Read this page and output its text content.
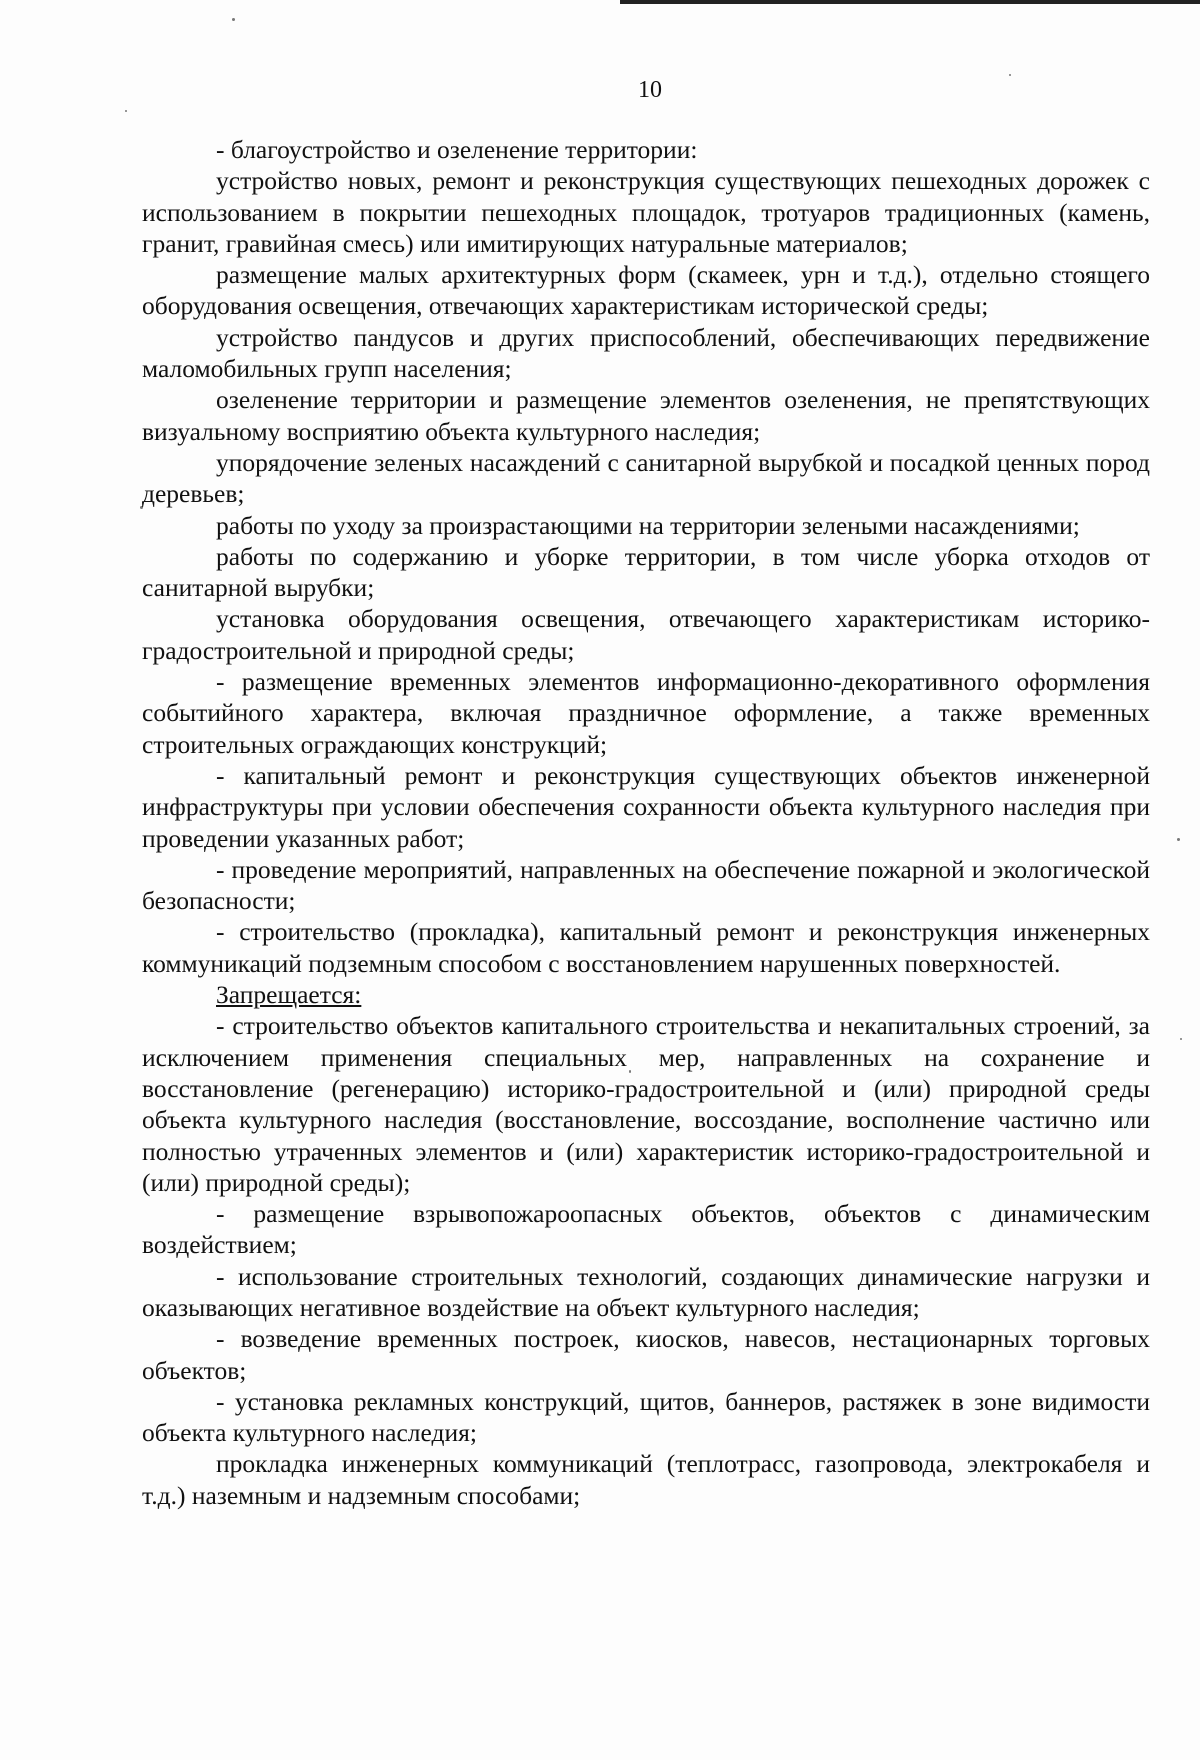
10

- благоустройство и озеленение территории:

устройство новых, ремонт и реконструкция существующих пешеходных дорожек с использованием в покрытии пешеходных площадок, тротуаров традиционных (камень, гранит, гравийная смесь) или имитирующих натуральные материалов;

размещение малых архитектурных форм (скамеек, урн и т.д.), отдельно стоящего оборудования освещения, отвечающих характеристикам исторической среды;

устройство пандусов и других приспособлений, обеспечивающих передвижение маломобильных групп населения;

озеленение территории и размещение элементов озеленения, не препятствующих визуальному восприятию объекта культурного наследия;

упорядочение зеленых насаждений с санитарной вырубкой и посадкой ценных пород деревьев;

работы по уходу за произрастающими на территории зелеными насаждениями;

работы по содержанию и уборке территории, в том числе уборка отходов от санитарной вырубки;

установка оборудования освещения, отвечающего характеристикам историко-градостроительной и природной среды;

- размещение временных элементов информационно-декоративного оформления событийного характера, включая праздничное оформление, а также временных строительных ограждающих конструкций;

- капитальный ремонт и реконструкция существующих объектов инженерной инфраструктуры при условии обеспечения сохранности объекта культурного наследия при проведении указанных работ;

- проведение мероприятий, направленных на обеспечение пожарной и экологической безопасности;

- строительство (прокладка), капитальный ремонт и реконструкция инженерных коммуникаций подземным способом с восстановлением нарушенных поверхностей.

Запрещается:

- строительство объектов капитального строительства и некапитальных строений, за исключением применения специальных мер, направленных на сохранение и восстановление (регенерацию) историко-градостроительной и (или) природной среды объекта культурного наследия (восстановление, воссоздание, восполнение частично или полностью утраченных элементов и (или) характеристик историко-градостроительной и (или) природной среды);

- размещение взрывопожароопасных объектов, объектов с динамическим воздействием;

- использование строительных технологий, создающих динамические нагрузки и оказывающих негативное воздействие на объект культурного наследия;

- возведение временных построек, киосков, навесов, нестационарных торговых объектов;

- установка рекламных конструкций, щитов, баннеров, растяжек в зоне видимости объекта культурного наследия;

прокладка инженерных коммуникаций (теплотрасс, газопровода, электрокабеля и т.д.) наземным и надземным способами;
